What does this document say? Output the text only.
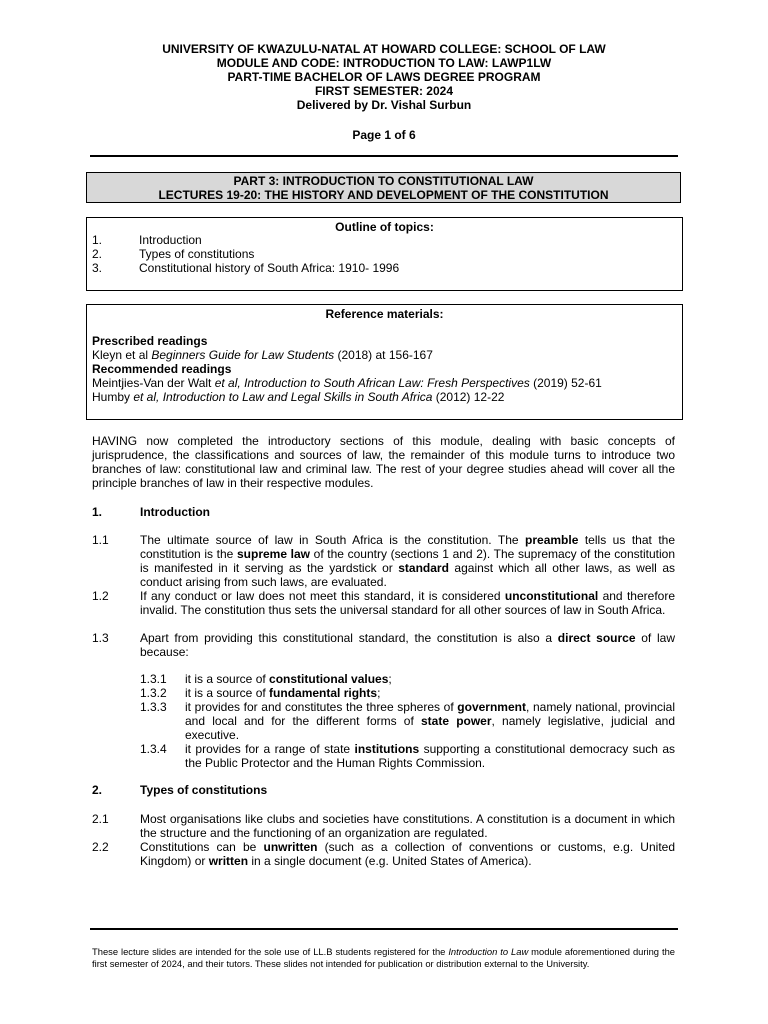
UNIVERSITY OF KWAZULU-NATAL AT HOWARD COLLEGE: SCHOOL OF LAW
MODULE AND CODE: INTRODUCTION TO LAW: LAWP1LW
PART-TIME BACHELOR OF LAWS DEGREE PROGRAM
FIRST SEMESTER: 2024
Delivered by Dr. Vishal Surbun
Page 1 of 6
PART 3: INTRODUCTION TO CONSTITUTIONAL LAW
LECTURES 19-20: THE HISTORY AND DEVELOPMENT OF THE CONSTITUTION
Outline of topics:
1.	Introduction
2.	Types of constitutions
3.	Constitutional history of South Africa: 1910- 1996
Reference materials:
Prescribed readings
Kleyn et al Beginners Guide for Law Students (2018) at 156-167
Recommended readings
Meintjies-Van der Walt et al, Introduction to South African Law: Fresh Perspectives (2019) 52-61
Humby et al, Introduction to Law and Legal Skills in South Africa (2012) 12-22
HAVING now completed the introductory sections of this module, dealing with basic concepts of jurisprudence, the classifications and sources of law, the remainder of this module turns to introduce two branches of law: constitutional law and criminal law. The rest of your degree studies ahead will cover all the principle branches of law in their respective modules.
1.	Introduction
1.1	The ultimate source of law in South Africa is the constitution. The preamble tells us that the constitution is the supreme law of the country (sections 1 and 2). The supremacy of the constitution is manifested in it serving as the yardstick or standard against which all other laws, as well as conduct arising from such laws, are evaluated.
1.2	If any conduct or law does not meet this standard, it is considered unconstitutional and therefore invalid. The constitution thus sets the universal standard for all other sources of law in South Africa.
1.3	Apart from providing this constitutional standard, the constitution is also a direct source of law because:
1.3.1 it is a source of constitutional values;
1.3.2 it is a source of fundamental rights;
1.3.3 it provides for and constitutes the three spheres of government, namely national, provincial and local and for the different forms of state power, namely legislative, judicial and executive.
1.3.4 it provides for a range of state institutions supporting a constitutional democracy such as the Public Protector and the Human Rights Commission.
2.	Types of constitutions
2.1	Most organisations like clubs and societies have constitutions. A constitution is a document in which the structure and the functioning of an organization are regulated.
2.2	Constitutions can be unwritten (such as a collection of conventions or customs, e.g. United Kingdom) or written in a single document (e.g. United States of America).
These lecture slides are intended for the sole use of LL.B students registered for the Introduction to Law module aforementioned during the first semester of 2024, and their tutors. These slides not intended for publication or distribution external to the University.
